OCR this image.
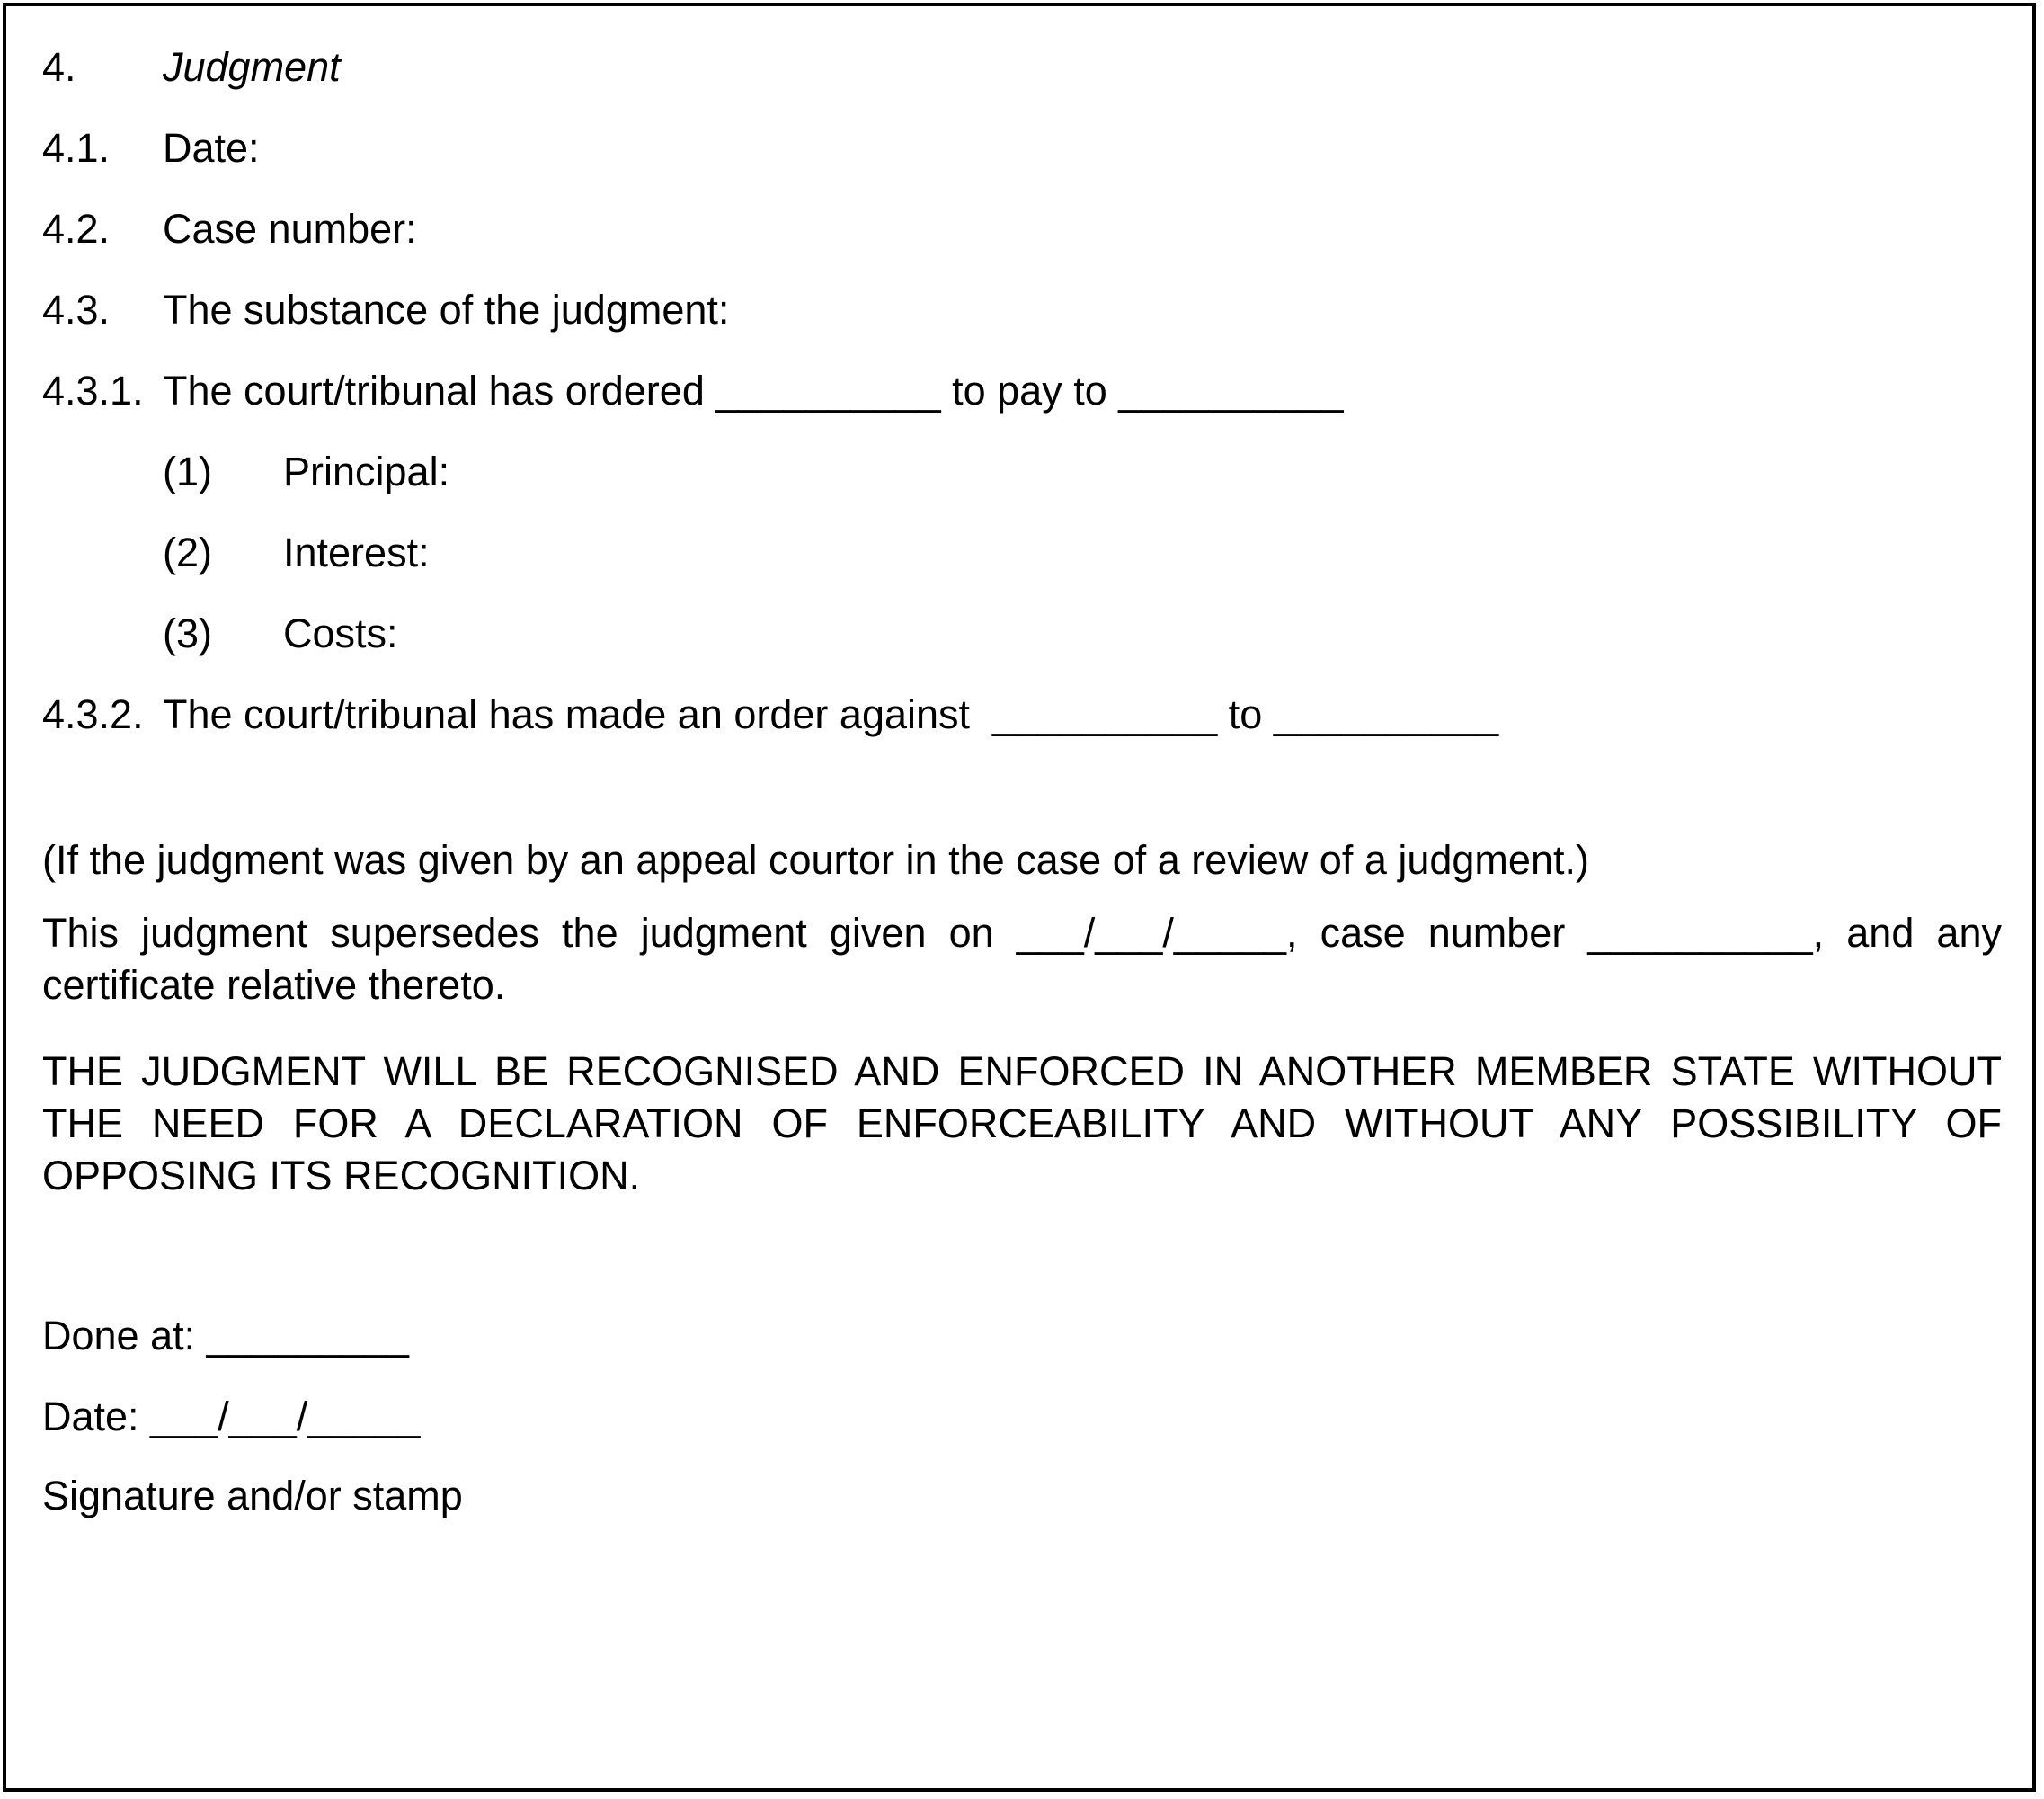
4. Judgment
4.1. Date:
4.2. Case number:
4.3. The substance of the judgment:
4.3.1. The court/tribunal has ordered __________ to pay to __________
(1) Principal:
(2) Interest:
(3) Costs:
4.3.2. The court/tribunal has made an order against  __________ to __________
(If the judgment was given by an appeal courtor in the case of a review of a judgment.)

This judgment supersedes the judgment given on ___/___/_____, case number __________, and any certificate relative thereto.

THE JUDGMENT WILL BE RECOGNISED AND ENFORCED IN ANOTHER MEMBER STATE WITHOUT THE NEED FOR A DECLARATION OF ENFORCEABILITY AND WITHOUT ANY POSSIBILITY OF OPPOSING ITS RECOGNITION.

Done at: _________
Date: ___/___/_____
Signature and/or stamp
